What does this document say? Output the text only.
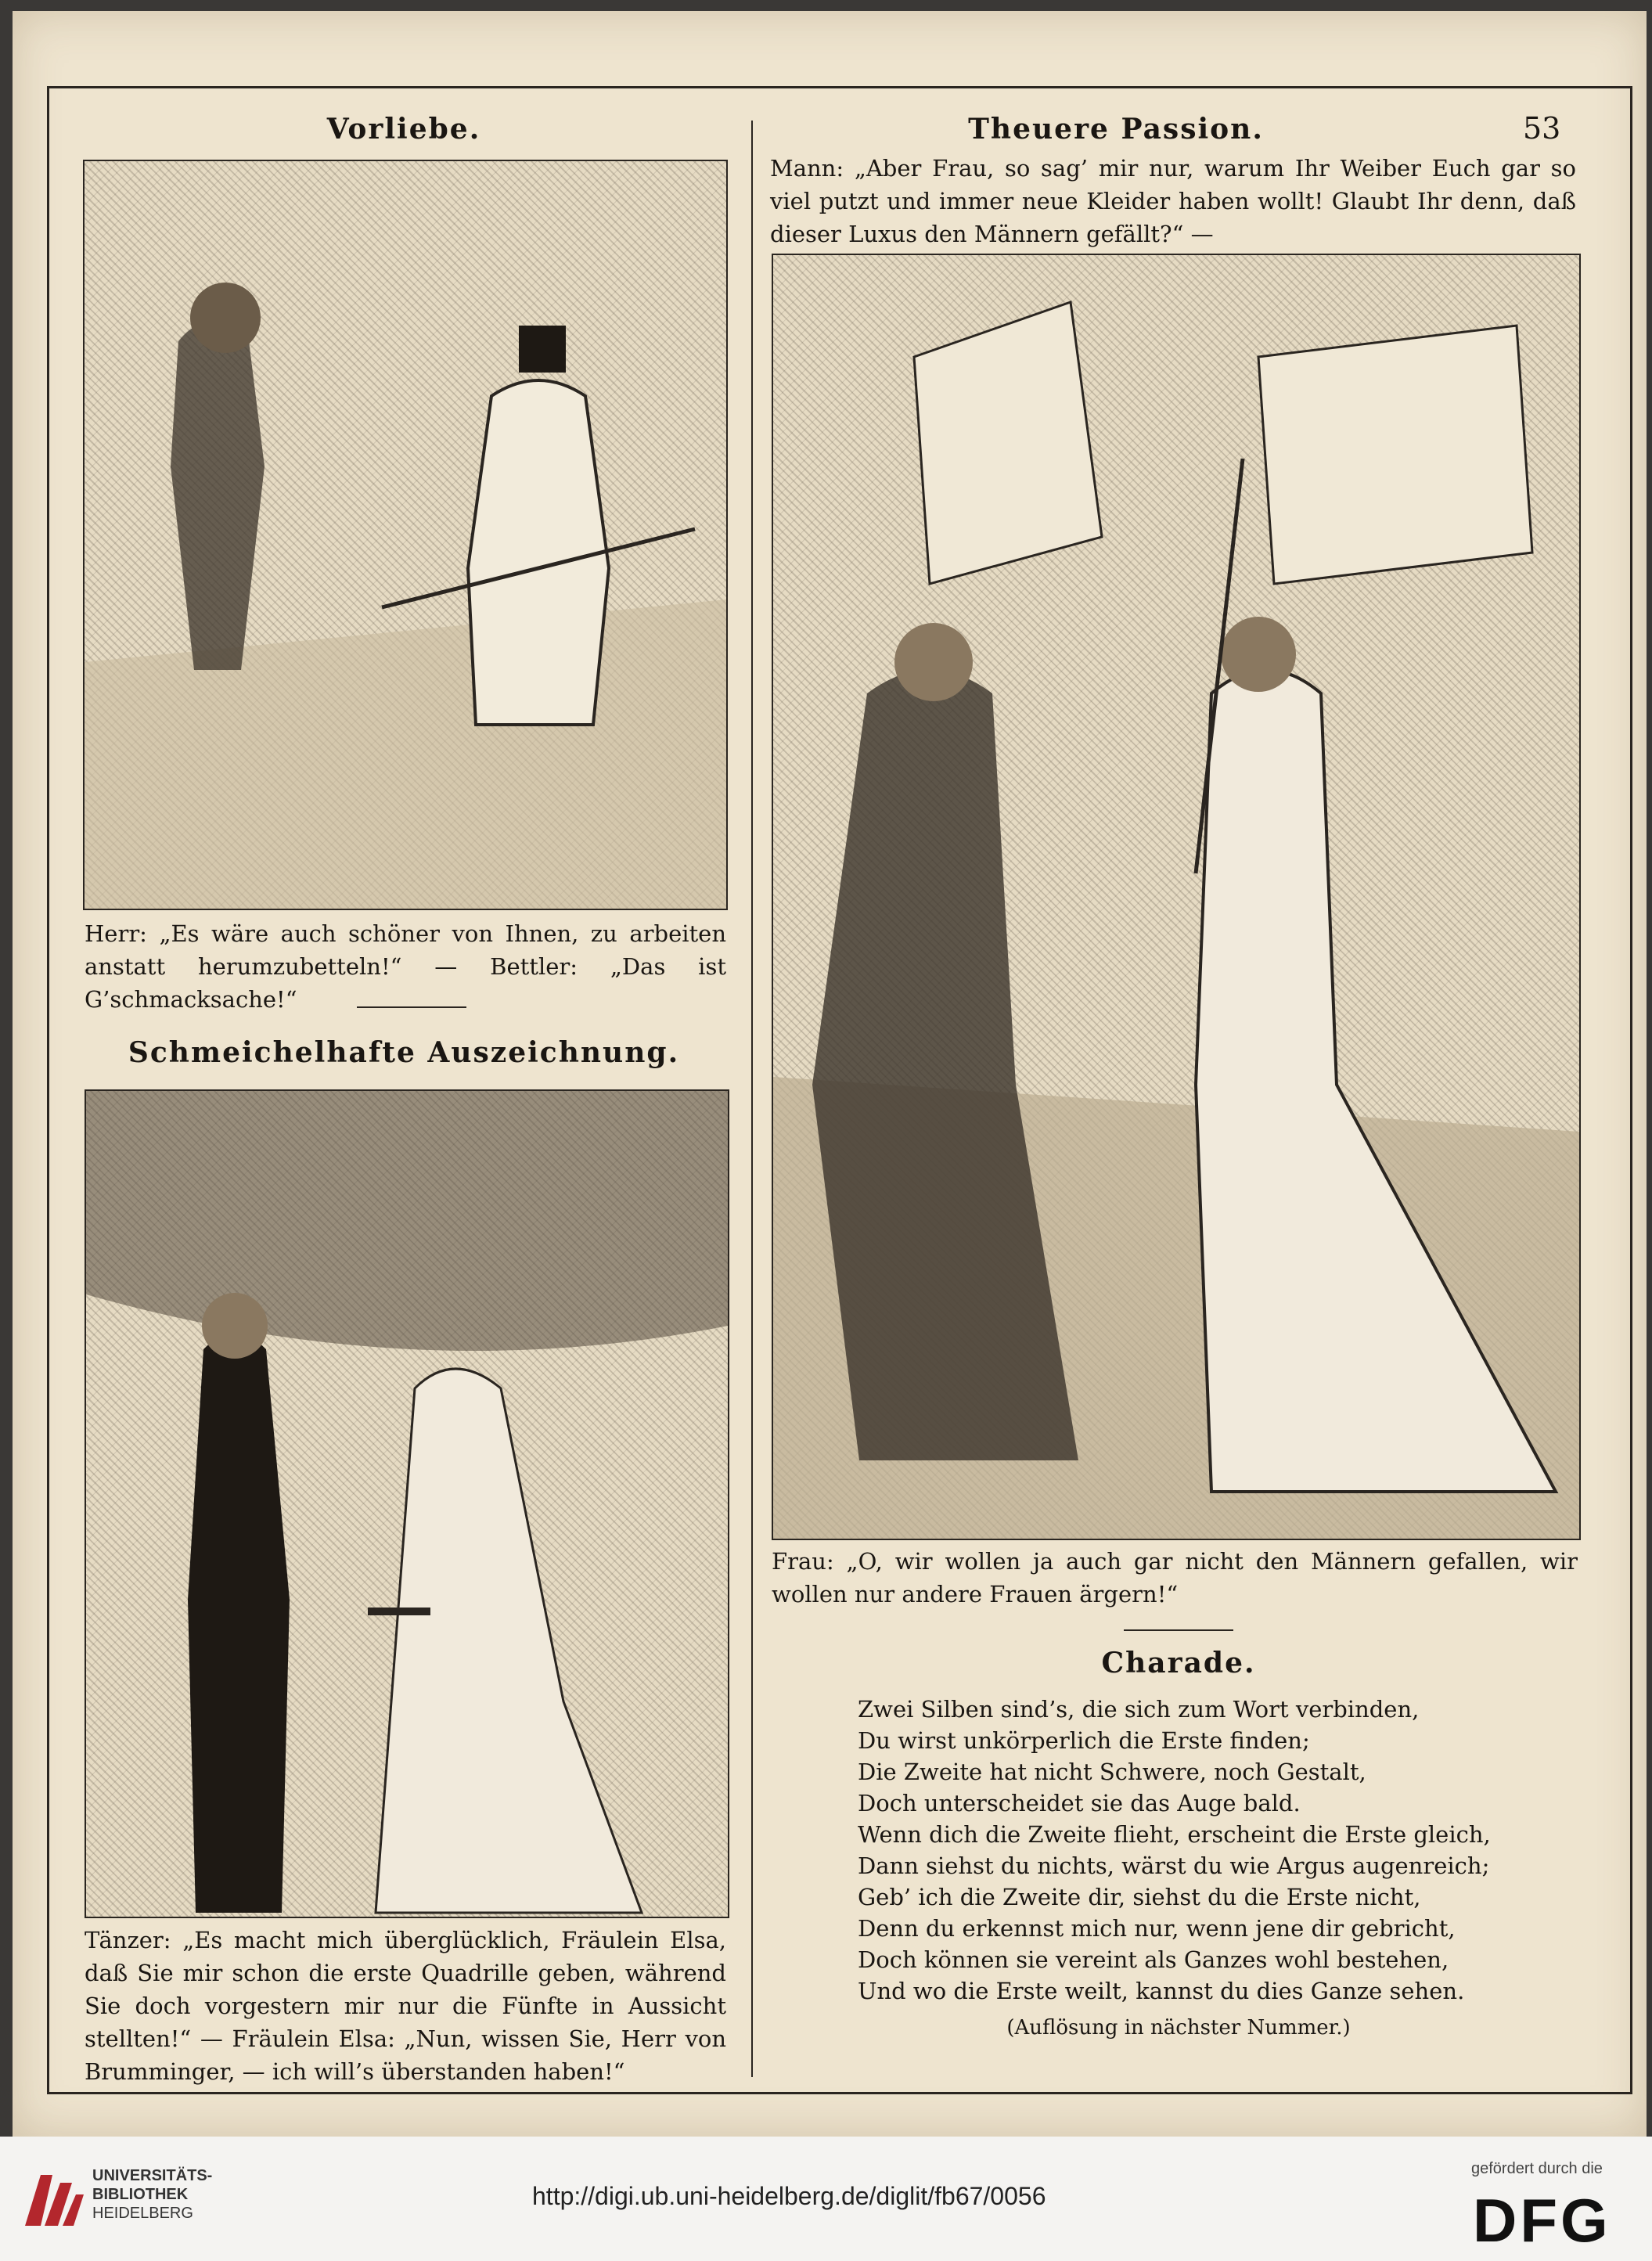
Vorliebe.
Herr: „Es wäre auch schöner von Ihnen, zu arbeiten anstatt herumzubetteln!“ — Bettler: „Das ist G’schmacksache!“
Schmeichelhafte Auszeichnung.
Tänzer: „Es macht mich überglücklich, Fräulein Elsa, daß Sie mir schon die erste Quadrille geben, während Sie doch vorgestern mir nur die Fünfte in Aussicht stellten!“ — Fräulein Elsa: „Nun, wissen Sie, Herr von Brumminger, — ich will’s überstanden haben!“
Theuere Passion.	53
Mann: „Aber Frau, so sag’ mir nur, warum Ihr Weiber Euch gar so viel putzt und immer neue Kleider haben wollt! Glaubt Ihr denn, daß dieser Luxus den Männern gefällt?“ —
Frau: „O, wir wollen ja auch gar nicht den Männern gefallen, wir wollen nur andere Frauen ärgern!“
Charade.
Zwei Silben sind’s, die sich zum Wort verbinden,
Du wirst unkörperlich die Erste finden;
Die Zweite hat nicht Schwere, noch Gestalt,
Doch unterscheidet sie das Auge bald.
Wenn dich die Zweite flieht, erscheint die Erste gleich,
Dann siehst du nichts, wärst du wie Argus augenreich;
Geb’ ich die Zweite dir, siehst du die Erste nicht,
Denn du erkennst mich nur, wenn jene dir gebricht,
Doch können sie vereint als Ganzes wohl bestehen,
Und wo die Erste weilt, kannst du dies Ganze sehen.
(Auflösung in nächster Nummer.)
UNIVERSITÄTS-
BIBLIOTHEK
HEIDELBERG
http://digi.ub.uni-heidelberg.de/diglit/fb67/0056
gefördert durch die
DFG
